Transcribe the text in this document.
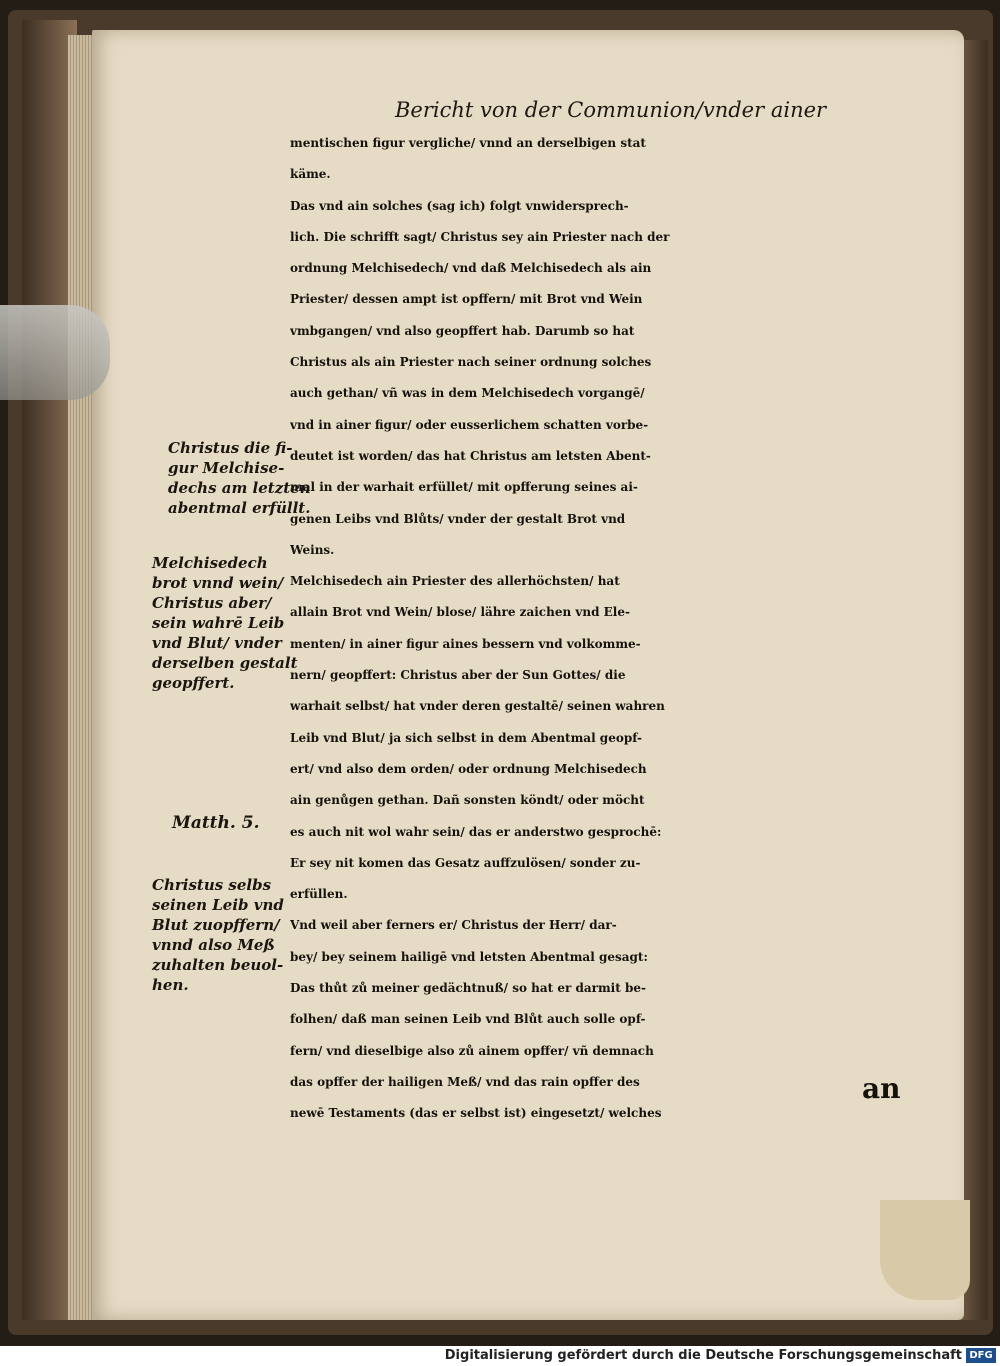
Bericht von der Communion/vnder ainer
mentischen figur vergliche/ vnnd an derselbigen stat
käme.
Das vnd ain solches (sag ich) folgt vnwidersprech-
lich. Die schrifft sagt/ Christus sey ain Priester nach der
ordnung Melchisedech/ vnd daß Melchisedech als ain
Priester/ dessen ampt ist opffern/ mit Brot vnd Wein
vmbgangen/ vnd also geopffert hab. Darumb so hat
Christus als ain Priester nach seiner ordnung solches
auch gethan/ vñ was in dem Melchisedech vorgangē/
vnd in ainer figur/ oder eusserlichem schatten vorbe-
deutet ist worden/ das hat Christus am letsten Abent-
mal in der warhait erfüllet/ mit opfferung seines ai-
genen Leibs vnd Blůts/ vnder der gestalt Brot vnd
Weins.
Melchisedech ain Priester des allerhöchsten/ hat
allain Brot vnd Wein/ blose/ lähre zaichen vnd Ele-
menten/ in ainer figur aines bessern vnd volkomme-
nern/ geopffert: Christus aber der Sun Gottes/ die
warhait selbst/ hat vnder deren gestaltē/ seinen wahren
Leib vnd Blut/ ja sich selbst in dem Abentmal geopf-
ert/ vnd also dem orden/ oder ordnung Melchisedech
ain genůgen gethan. Dañ sonsten köndt/ oder möcht
es auch nit wol wahr sein/ das er anderstwo gesprochē:
Er sey nit komen das Gesatz auffzulösen/ sonder zu-
erfüllen.
Vnd weil aber ferners er/ Christus der Herr/ dar-
bey/ bey seinem hailigē vnd letsten Abentmal gesagt:
Das thůt zů meiner gedächtnuß/ so hat er darmit be-
folhen/ daß man seinen Leib vnd Blůt auch solle opf-
fern/ vnd dieselbige also zů ainem opffer/ vñ demnach
das opffer der hailigen Meß/ vnd das rain opffer des
newē Testaments (das er selbst ist) eingesetzt/ welches
an
Christus die fi-
gur Melchise-
dechs am letzten
abentmal erfüllt.
Melchisedech
brot vnnd wein/
Christus aber/
sein wahrē Leib
vnd Blut/ vnder
derselben gestalt
geopffert.
Matth. 5.
Christus selbs
seinen Leib vnd
Blut zuopffern/
vnnd also Meß
zuhalten beuol-
hen.
Digitalisierung gefördert durch die Deutsche Forschungsgemeinschaft DFG
